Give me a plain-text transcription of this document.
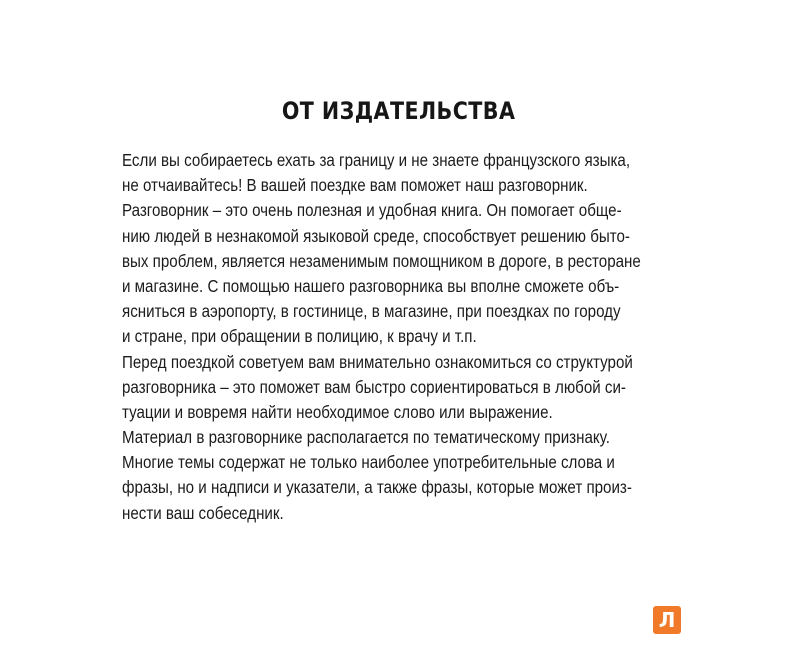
ОТ ИЗДАТЕЛЬСТВА
Если вы собираетесь ехать за границу и не знаете французского языка,
не отчаивайтесь! В вашей поездке вам поможет наш разговорник.
Разговорник – это очень полезная и удобная книга. Он помогает обще-
нию людей в незнакомой языковой среде, способствует решению быто-
вых проблем, является незаменимым помощником в дороге, в ресторане
и магазине. С помощью нашего разговорника вы вполне сможете объ-
ясниться в аэропорту, в гостинице, в магазине, при поездках по городу
и стране, при обращении в полицию, к врачу и т.п.
Перед поездкой советуем вам внимательно ознакомиться со структурой
разговорника – это поможет вам быстро сориентироваться в любой си-
туации и вовремя найти необходимое слово или выражение.
Материал в разговорнике располагается по тематическому признаку.
Многие темы содержат не только наиболее употребительные слова и
фразы, но и надписи и указатели, а также фразы, которые может произ-
нести ваш собеседник.
Л
